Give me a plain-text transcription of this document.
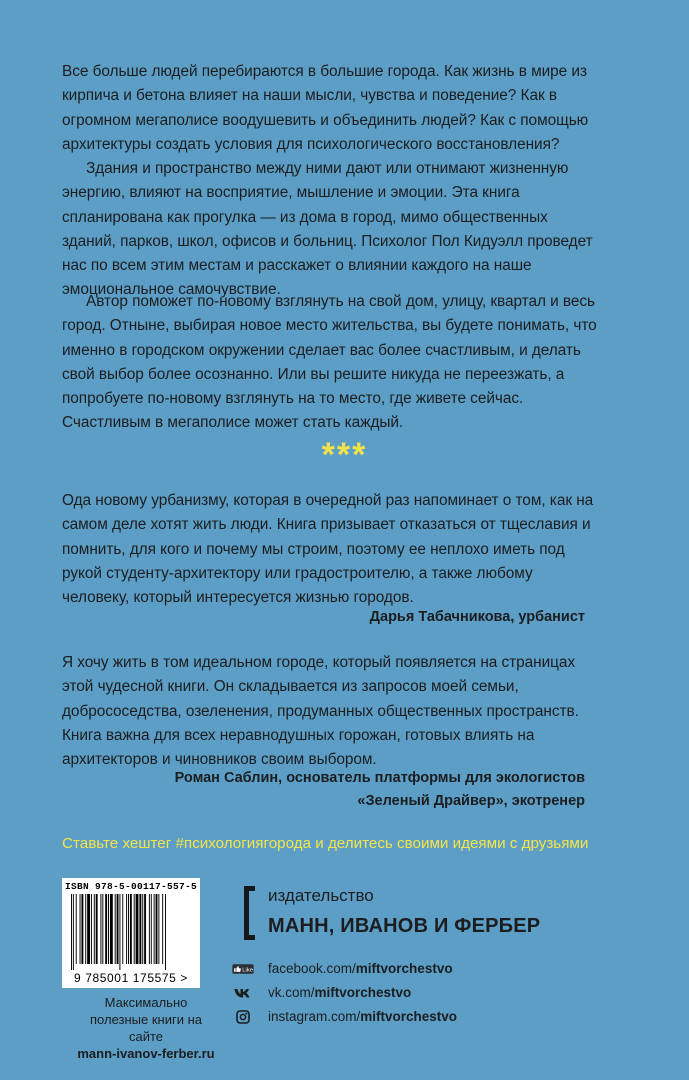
Все больше людей перебираются в большие города. Как жизнь в мире из кирпича и бетона влияет на наши мысли, чувства и поведение? Как в огромном мегаполисе воодушевить и объединить людей? Как с помощью архитектуры создать условия для психологического восстановления?

Здания и пространство между ними дают или отнимают жизненную энергию, влияют на восприятие, мышление и эмоции. Эта книга спланирована как прогулка — из дома в город, мимо общественных зданий, парков, школ, офисов и больниц. Психолог Пол Кидуэлл проведет нас по всем этим местам и расскажет о влиянии каждого на наше эмоциональное самочувствие.

Автор поможет по-новому взглянуть на свой дом, улицу, квартал и весь город. Отныне, выбирая новое место жительства, вы будете понимать, что именно в городском окружении сделает вас более счастливым, и делать свой выбор более осознанно. Или вы решите никуда не переезжать, а попробуете по-новому взглянуть на то место, где живете сейчас. Счастливым в мегаполисе может стать каждый.

***

Ода новому урбанизму, которая в очередной раз напоминает о том, как на самом деле хотят жить люди. Книга призывает отказаться от тщеславия и помнить, для кого и почему мы строим, поэтому ее неплохо иметь под рукой студенту-архитектору или градостроителю, а также любому человеку, который интересуется жизнью городов.

Дарья Табачникова, урбанист

Я хочу жить в том идеальном городе, который появляется на страницах этой чудесной книги. Он складывается из запросов моей семьи, добрососедства, озеленения, продуманных общественных пространств. Книга важна для всех неравнодушных горожан, готовых влиять на архитекторов и чиновников своим выбором.

Роман Саблин, основатель платформы для экологистов

«Зеленый Драйвер», экотренер

Ставьте хештег #психологиягорода и делитесь своими идеями с друзьями

ISBN 978-5-00117-557-5
9 785001 175575 >

Максимально полезные книги на сайте
mann-ivanov-ferber.ru

издательство

МАНН, ИВАНОВ И ФЕРБЕР

Like facebook.com/miftvorchestvo
vk.com/miftvorchestvo
instagram.com/miftvorchestvo
